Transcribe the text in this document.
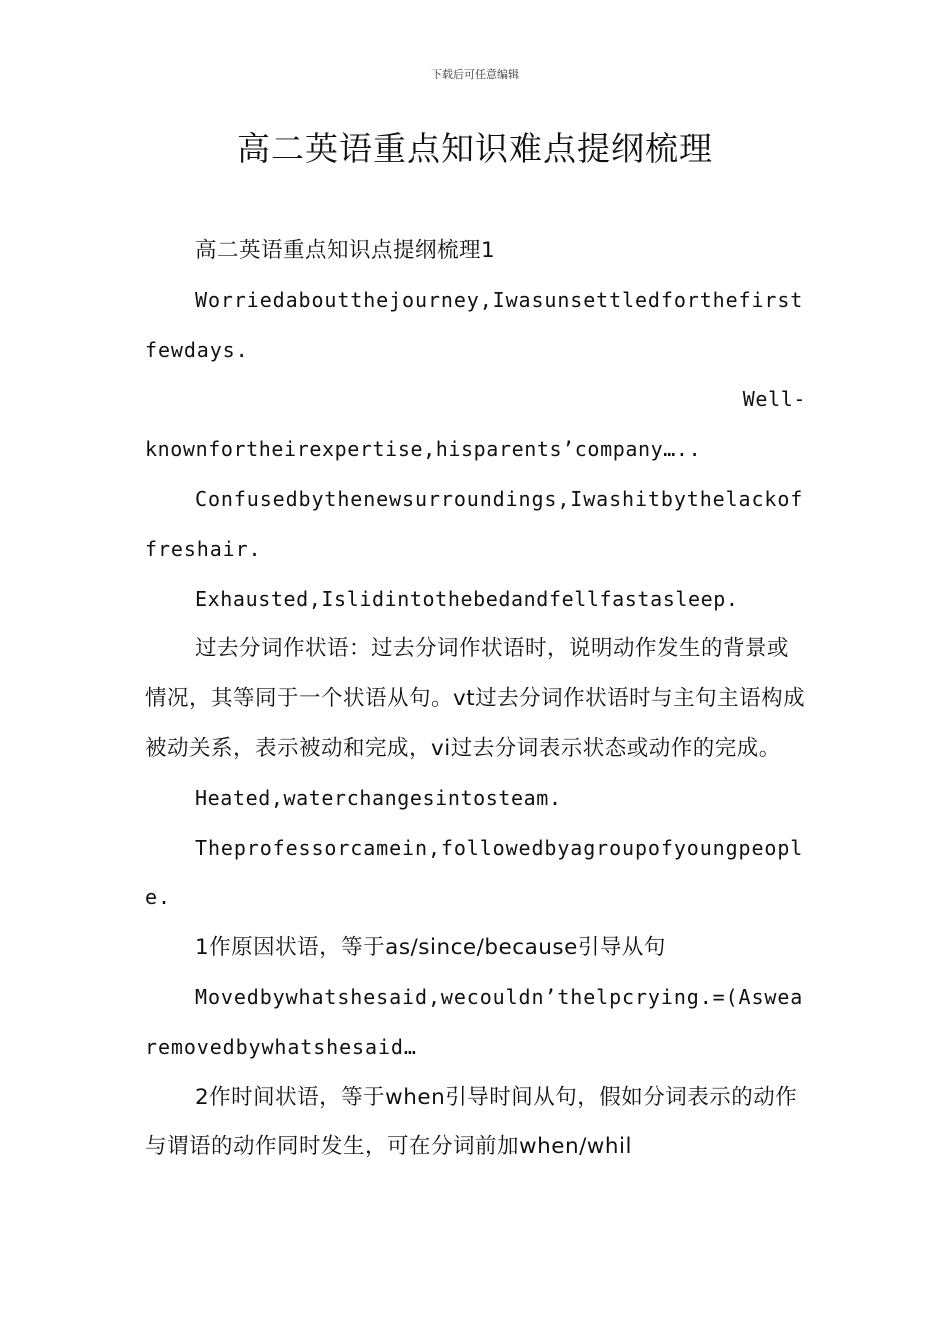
下载后可任意编辑
高二英语重点知识难点提纲梳理

高二英语重点知识点提纲梳理1

Worriedaboutthejourney,Iwasunsettledforthefirst fewdays.

Well-

knownfortheirexpertise,hisparents’company…..

Confusedbythenewsurroundings,Iwashitbythelackof freshair.

Exhausted,Islidintothebedandfellfastasleep.

过去分词作状语：过去分词作状语时，说明动作发生的背景或情况，其等同于一个状语从句。vt过去分词作状语时与主句主语构成被动关系，表示被动和完成，vi过去分词表示状态或动作的完成。

Heated,waterchangesintosteam.

Theprofessorcamein,followedbyagroupofyoungpeople.

1作原因状语，等于as/since/because引导从句

Movedbywhatshesaid,wecouldn’thelpcrying.=(Aswearemovedbywhatshesaid…

2作时间状语，等于when引导时间从句，假如分词表示的动作与谓语的动作同时发生，可在分词前加when/whil
